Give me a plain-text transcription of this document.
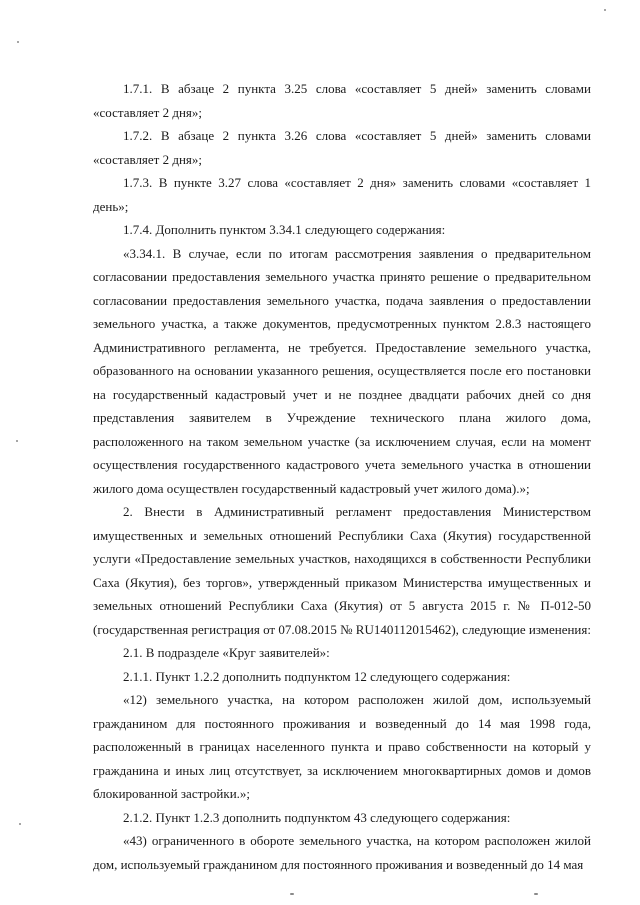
1.7.1. В абзаце 2 пункта 3.25 слова «составляет 5 дней» заменить словами «составляет 2 дня»;

1.7.2. В абзаце 2 пункта 3.26 слова «составляет 5 дней» заменить словами «составляет 2 дня»;

1.7.3. В пункте 3.27 слова «составляет 2 дня» заменить словами «составляет 1 день»;

1.7.4. Дополнить пунктом 3.34.1 следующего содержания:

«3.34.1. В случае, если по итогам рассмотрения заявления о предварительном согласовании предоставления земельного участка принято решение о предварительном согласовании предоставления земельного участка, подача заявления о предоставлении земельного участка, а также документов, предусмотренных пунктом 2.8.3 настоящего Административного регламента, не требуется. Предоставление земельного участка, образованного на основании указанного решения, осуществляется после его постановки на государственный кадастровый учет и не позднее двадцати рабочих дней со дня представления заявителем в Учреждение технического плана жилого дома, расположенного на таком земельном участке (за исключением случая, если на момент осуществления государственного кадастрового учета земельного участка в отношении жилого дома осуществлен государственный кадастровый учет жилого дома).»;

2. Внести в Административный регламент предоставления Министерством имущественных и земельных отношений Республики Саха (Якутия) государственной услуги «Предоставление земельных участков, находящихся в собственности Республики Саха (Якутия), без торгов», утвержденный приказом Министерства имущественных и земельных отношений Республики Саха (Якутия) от 5 августа 2015 г. № П-012-50 (государственная регистрация от 07.08.2015 № RU140112015462), следующие изменения:

2.1. В подразделе «Круг заявителей»:

2.1.1. Пункт 1.2.2 дополнить подпунктом 12 следующего содержания:

«12) земельного участка, на котором расположен жилой дом, используемый гражданином для постоянного проживания и возведенный до 14 мая 1998 года, расположенный в границах населенного пункта и право собственности на который у гражданина и иных лиц отсутствует, за исключением многоквартирных домов и домов блокированной застройки.»;

2.1.2. Пункт 1.2.3 дополнить подпунктом 43 следующего содержания:

«43) ограниченного в обороте земельного участка, на котором расположен жилой дом, используемый гражданином для постоянного проживания и возведенный до 14 мая
